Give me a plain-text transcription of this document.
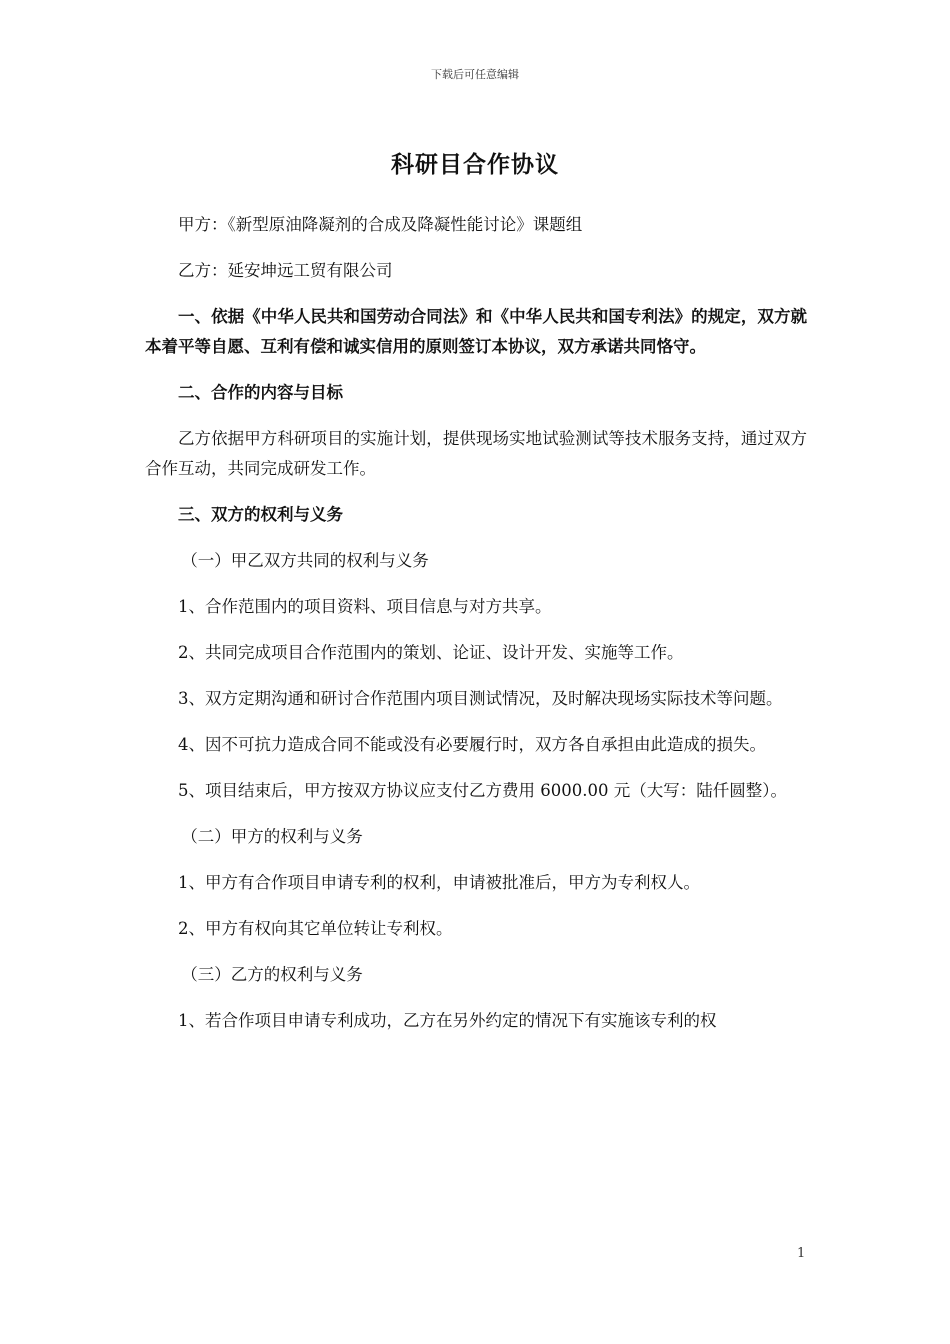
下载后可任意编辑
科研目合作协议

甲方：《新型原油降凝剂的合成及降凝性能讨论》课题组

乙方：延安坤远工贸有限公司

一、依据《中华人民共和国劳动合同法》和《中华人民共和国专利法》的规定，双方就本着平等自愿、互利有偿和诚实信用的原则签订本协议，双方承诺共同恪守。

二、合作的内容与目标

乙方依据甲方科研项目的实施计划，提供现场实地试验测试等技术服务支持，通过双方合作互动，共同完成研发工作。

三、双方的权利与义务

（一）甲乙双方共同的权利与义务

1、合作范围内的项目资料、项目信息与对方共享。

2、共同完成项目合作范围内的策划、论证、设计开发、实施等工作。

3、双方定期沟通和研讨合作范围内项目测试情况，及时解决现场实际技术等问题。

4、因不可抗力造成合同不能或没有必要履行时，双方各自承担由此造成的损失。

5、项目结束后，甲方按双方协议应支付乙方费用 6000.00 元（大写：陆仟圆整）。

（二）甲方的权利与义务

1、甲方有合作项目申请专利的权利，申请被批准后，甲方为专利权人。

2、甲方有权向其它单位转让专利权。

（三）乙方的权利与义务

1、若合作项目申请专利成功，乙方在另外约定的情况下有实施该专利的权

1
